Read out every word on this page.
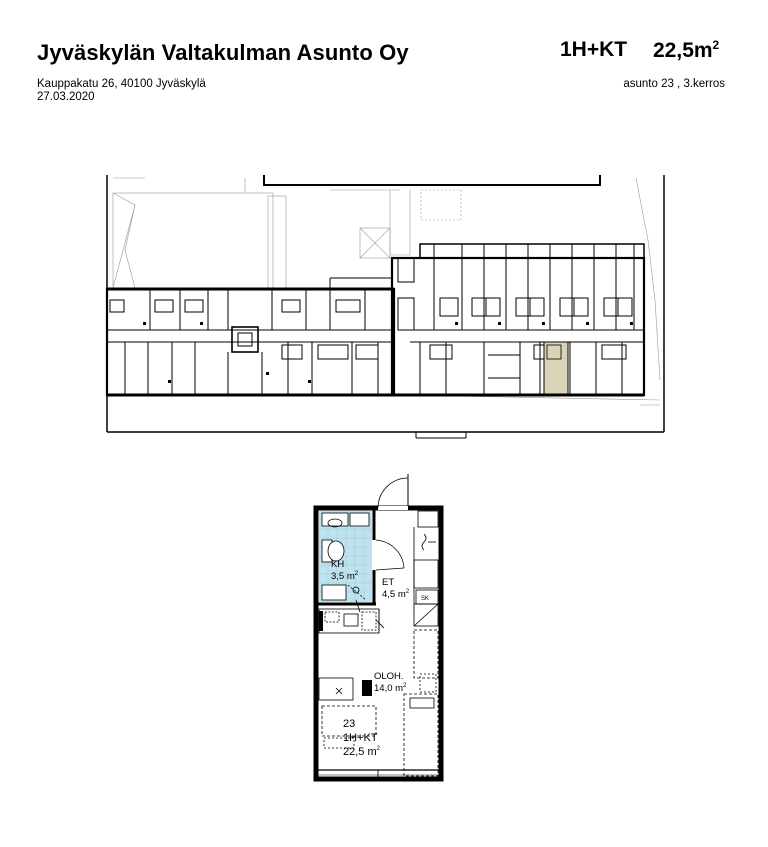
Jyväskylän Valtakulman Asunto Oy
Kauppakatu 26, 40100 Jyväskylä
27.03.2020
1H+KT $22,5m^2$
asunto 23 , 3.kerros
KH
3,5 $m^2$
ET
4,5 $m^2$
SK
OLOH.
14,0 $m^2$
23
1H+KT
22,5 $m^2$
